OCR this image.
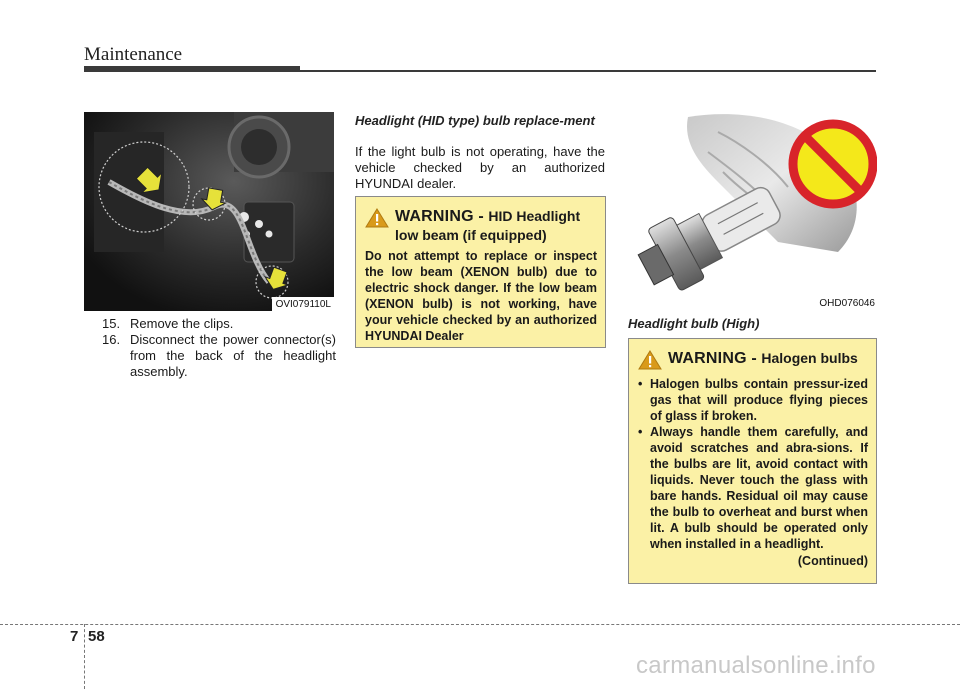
Maintenance
OVI079110L
15. Remove the clips.
16. Disconnect the power connector(s) from the back of the headlight assembly.
Headlight (HID type) bulb replace-ment
If the light bulb is not operating, have the vehicle checked by an authorized HYUNDAI dealer.
WARNING - HID Headlight low beam (if equipped)
Do not attempt to replace or inspect the low beam (XENON bulb) due to electric shock danger. If the low beam (XENON bulb) is not working, have your vehicle checked by an authorized HYUNDAI Dealer
OHD076046
Headlight bulb (High)
WARNING - Halogen bulbs
• Halogen bulbs contain pressur-ized gas that will produce flying pieces of glass if broken.
• Always handle them carefully, and avoid scratches and abra-sions. If the bulbs are lit, avoid contact with liquids. Never touch the glass with bare hands. Residual oil may cause the bulb to overheat and burst when lit. A bulb should be operated only when installed in a headlight.
(Continued)
7 58
carmanualsonline.info
